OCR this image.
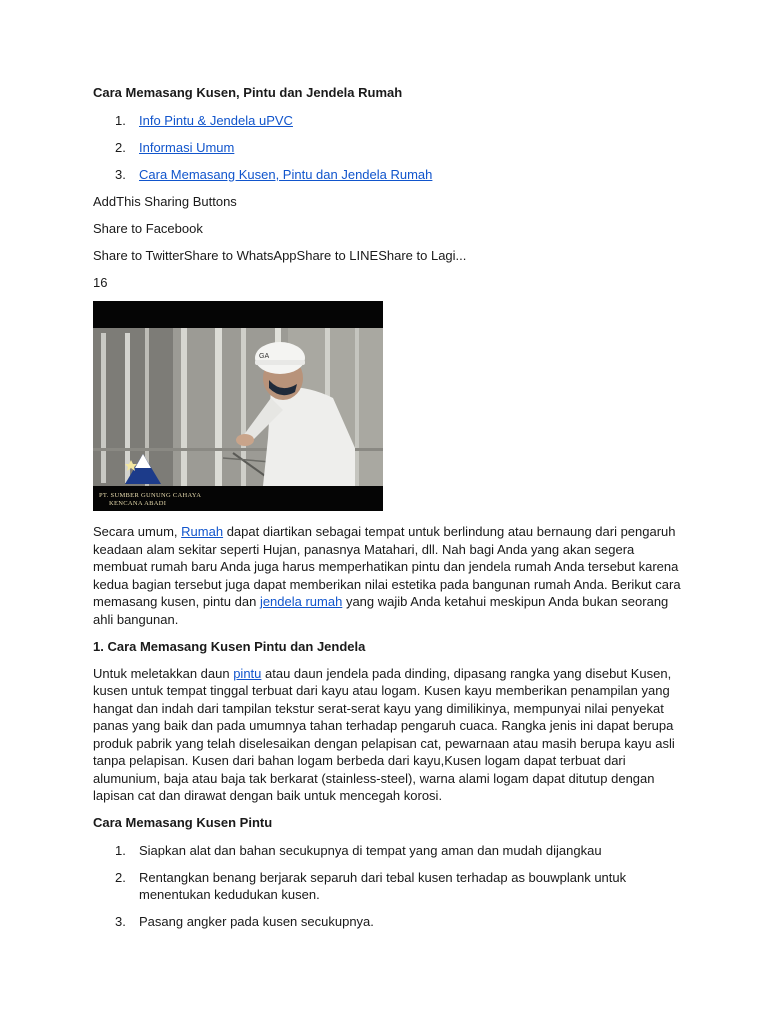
Cara Memasang Kusen, Pintu dan Jendela Rumah

1. Info Pintu & Jendela uPVC
2. Informasi Umum
3. Cara Memasang Kusen, Pintu dan Jendela Rumah

AddThis Sharing Buttons

Share to Facebook

Share to TwitterShare to WhatsAppShare to LINEShare to Lagi...

16

GA
PT. SUMBER GUNUNG CAHAYA
KENCANA ABADI

Secara umum, Rumah dapat diartikan sebagai tempat untuk berlindung atau bernaung dari pengaruh keadaan alam sekitar seperti Hujan, panasnya Matahari, dll. Nah bagi Anda yang akan segera membuat rumah baru Anda juga harus memperhatikan pintu dan jendela rumah Anda tersebut karena kedua bagian tersebut juga dapat memberikan nilai estetika pada bangunan rumah Anda. Berikut cara memasang kusen, pintu dan jendela rumah yang wajib Anda ketahui meskipun Anda bukan seorang ahli bangunan.

1. Cara Memasang Kusen Pintu dan Jendela

Untuk meletakkan daun pintu atau daun jendela pada dinding, dipasang rangka yang disebut Kusen, kusen untuk tempat tinggal terbuat dari kayu atau logam. Kusen kayu memberikan penampilan yang hangat dan indah dari tampilan tekstur serat-serat kayu yang dimilikinya, mempunyai nilai penyekat panas yang baik dan pada umumnya tahan terhadap pengaruh cuaca. Rangka jenis ini dapat berupa produk pabrik yang telah diselesaikan dengan pelapisan cat, pewarnaan atau masih berupa kayu asli tanpa pelapisan. Kusen dari bahan logam berbeda dari kayu,Kusen logam dapat terbuat dari alumunium, baja atau baja tak berkarat (stainless-steel), warna alami logam dapat ditutup dengan lapisan cat dan dirawat dengan baik untuk mencegah korosi.

Cara Memasang Kusen Pintu

1. Siapkan alat dan bahan secukupnya di tempat yang aman dan mudah dijangkau
2. Rentangkan benang berjarak separuh dari tebal kusen terhadap as bouwplank untuk menentukan kedudukan kusen.
3. Pasang angker pada kusen secukupnya.
